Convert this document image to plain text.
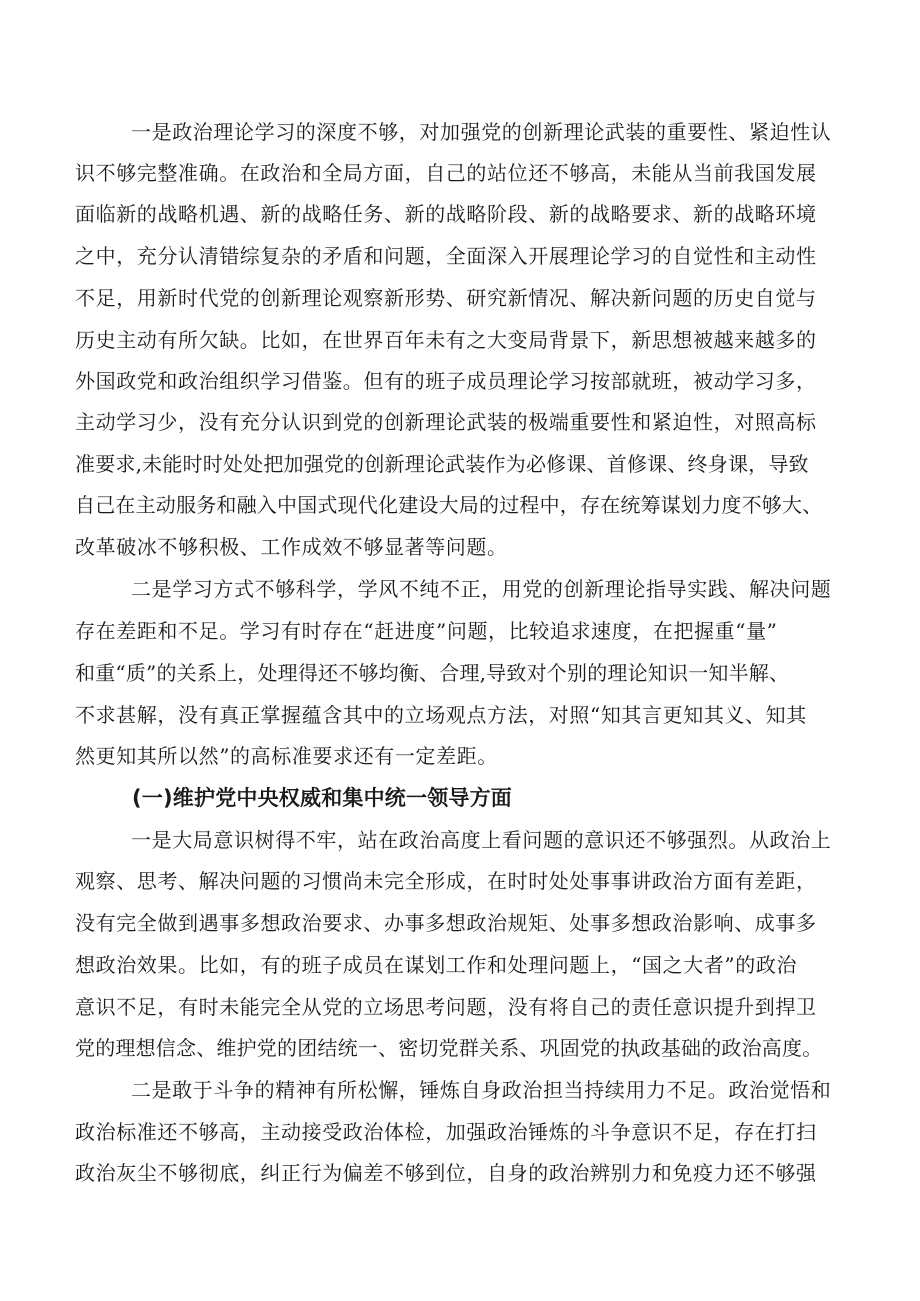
一是政治理论学习的深度不够，对加强党的创新理论武装的重要性、紧迫性认
识不够完整准确。在政治和全局方面，自己的站位还不够高，未能从当前我国发展
面临新的战略机遇、新的战略任务、新的战略阶段、新的战略要求、新的战略环境
之中，充分认清错综复杂的矛盾和问题，全面深入开展理论学习的自觉性和主动性
不足，用新时代党的创新理论观察新形势、研究新情况、解决新问题的历史自觉与
历史主动有所欠缺。比如，在世界百年未有之大变局背景下，新思想被越来越多的
外国政党和政治组织学习借鉴。但有的班子成员理论学习按部就班，被动学习多，
主动学习少，没有充分认识到党的创新理论武装的极端重要性和紧迫性，对照高标
准要求,未能时时处处把加强党的创新理论武装作为必修课、首修课、终身课，导致
自己在主动服务和融入中国式现代化建设大局的过程中，存在统筹谋划力度不够大、
改革破冰不够积极、工作成效不够显著等问题。
二是学习方式不够科学，学风不纯不正，用党的创新理论指导实践、解决问题
存在差距和不足。学习有时存在“赶进度”问题，比较追求速度，在把握重“量”
和重“质”的关系上，处理得还不够均衡、合理,导致对个别的理论知识一知半解、
不求甚解，没有真正掌握蕴含其中的立场观点方法，对照“知其言更知其义、知其
然更知其所以然”的高标准要求还有一定差距。
(一)维护党中央权威和集中统一领导方面
一是大局意识树得不牢，站在政治高度上看问题的意识还不够强烈。从政治上
观察、思考、解决问题的习惯尚未完全形成，在时时处处事事讲政治方面有差距，
没有完全做到遇事多想政治要求、办事多想政治规矩、处事多想政治影响、成事多
想政治效果。比如，有的班子成员在谋划工作和处理问题上，“国之大者”的政治
意识不足，有时未能完全从党的立场思考问题，没有将自己的责任意识提升到捍卫
党的理想信念、维护党的团结统一、密切党群关系、巩固党的执政基础的政治高度。
二是敢于斗争的精神有所松懈，锤炼自身政治担当持续用力不足。政治觉悟和
政治标准还不够高，主动接受政治体检，加强政治锤炼的斗争意识不足，存在打扫
政治灰尘不够彻底，纠正行为偏差不够到位，自身的政治辨别力和免疫力还不够强
